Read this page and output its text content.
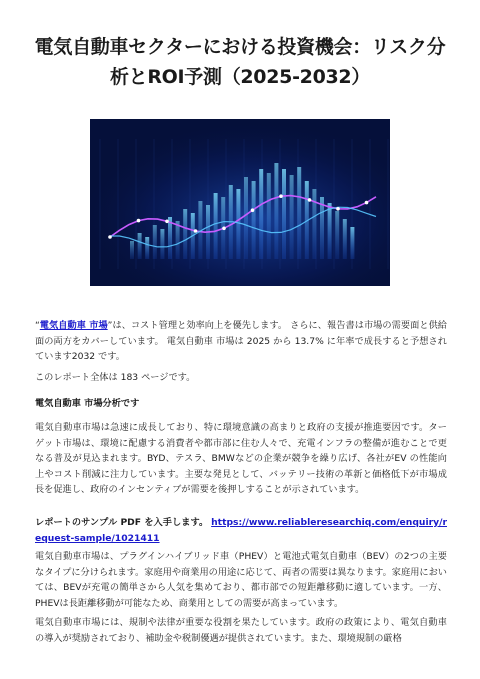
電気自動車セクターにおける投資機会：リスク分析とROI予測（2025-2032）

“電気自動車 市場”は、コスト管理と効率向上を優先します。 さらに、報告書は市場の需要面と供給面の両方をカバーしています。 電気自動車 市場は 2025 から 13.7% に年率で成長すると予想されています2032 です。

このレポート全体は 183 ページです。

電気自動車 市場分析です

電気自動車市場は急速に成長しており、特に環境意識の高まりと政府の支援が推進要因です。ターゲット市場は、環境に配慮する消費者や都市部に住む人々で、充電インフラの整備が進むことで更なる普及が見込まれます。BYD、テスラ、BMWなどの企業が競争を繰り広げ、各社がEV の性能向上やコスト削減に注力しています。主要な発見として、バッテリー技術の革新と価格低下が市場成長を促進し、政府のインセンティブが需要を後押しすることが示されています。

レポートのサンプル PDF を入手します。 https://www.reliableresearchiq.com/enquiry/request-sample/1021411

電気自動車市場は、プラグインハイブリッド車（PHEV）と電池式電気自動車（BEV）の2つの主要なタイプに分けられます。家庭用や商業用の用途に応じて、両者の需要は異なります。家庭用においては、BEVが充電の簡単さから人気を集めており、都市部での短距離移動に適しています。一方、PHEVは長距離移動が可能なため、商業用としての需要が高まっています。

電気自動車市場には、規制や法律が重要な役割を果たしています。政府の政策により、電気自動車の導入が奨励されており、補助金や税制優遇が提供されています。また、環境規制の厳格
